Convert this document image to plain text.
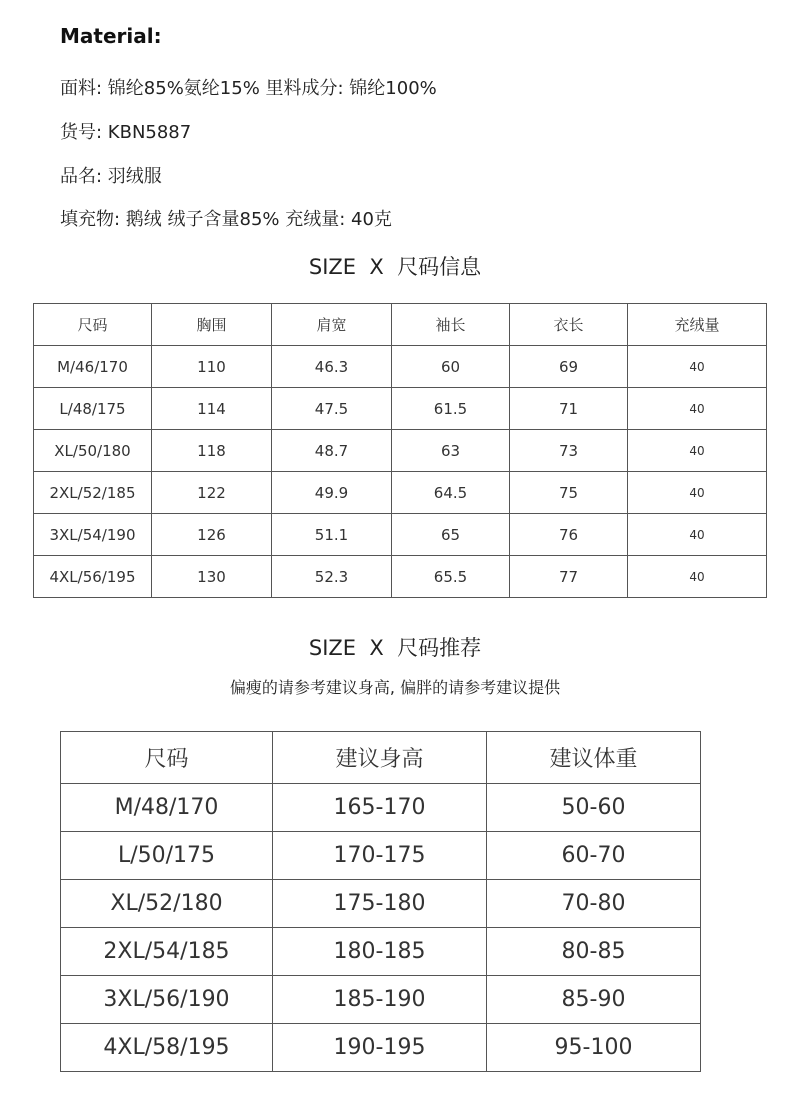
Material:
面料: 锦纶85%氨纶15% 里料成分: 锦纶100%
货号: KBN5887
品名: 羽绒服
填充物: 鹅绒 绒子含量85% 充绒量: 40克
SIZE  X  尺码信息
尺码	胸围	肩宽	袖长	衣长	充绒量
M/46/170	110	46.3	60	69	40
L/48/175	114	47.5	61.5	71	40
XL/50/180	118	48.7	63	73	40
2XL/52/185	122	49.9	64.5	75	40
3XL/54/190	126	51.1	65	76	40
4XL/56/195	130	52.3	65.5	77	40
SIZE  X  尺码推荐
偏瘦的请参考建议身高, 偏胖的请参考建议提供
尺码	建议身高	建议体重
M/48/170	165-170	50-60
L/50/175	170-175	60-70
XL/52/180	175-180	70-80
2XL/54/185	180-185	80-85
3XL/56/190	185-190	85-90
4XL/58/195	190-195	95-100
